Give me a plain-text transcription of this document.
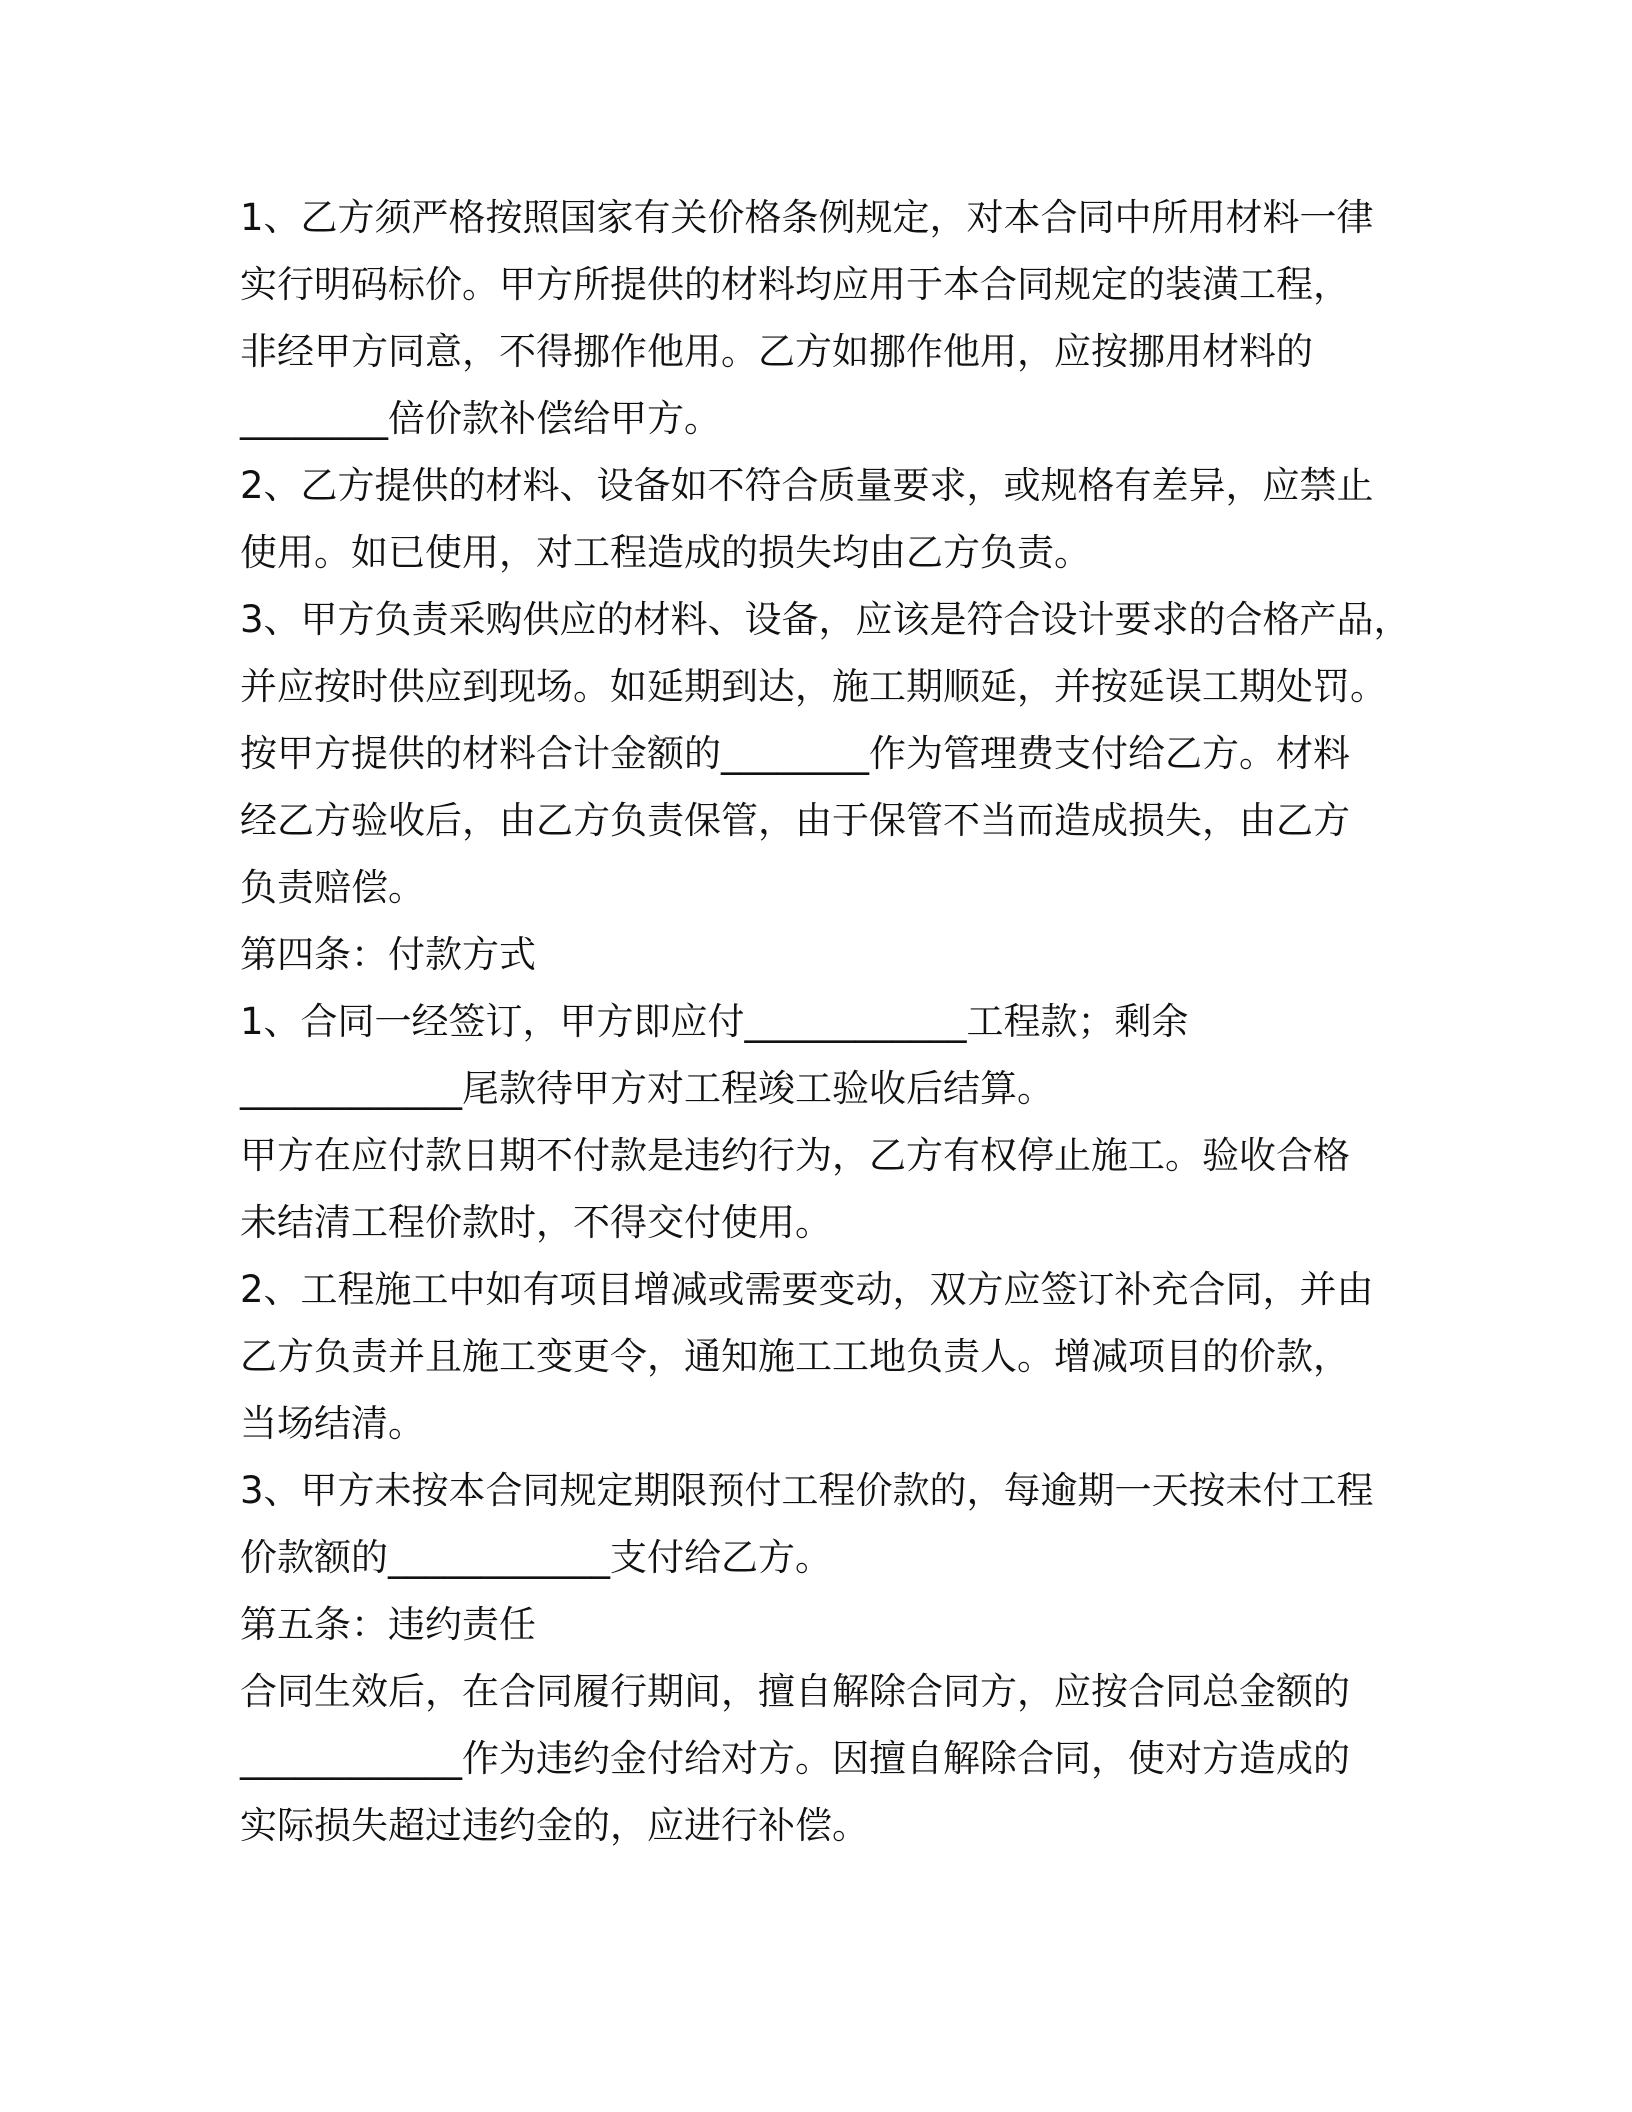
1、乙方须严格按照国家有关价格条例规定，对本合同中所用材料一律
实行明码标价。甲方所提供的材料均应用于本合同规定的装潢工程，
非经甲方同意，不得挪作他用。乙方如挪作他用，应按挪用材料的
________倍价款补偿给甲方。
2、乙方提供的材料、设备如不符合质量要求，或规格有差异，应禁止
使用。如已使用，对工程造成的损失均由乙方负责。
3、甲方负责采购供应的材料、设备，应该是符合设计要求的合格产品，
并应按时供应到现场。如延期到达，施工期顺延，并按延误工期处罚。
按甲方提供的材料合计金额的________作为管理费支付给乙方。材料
经乙方验收后，由乙方负责保管，由于保管不当而造成损失，由乙方
负责赔偿。
第四条：付款方式
1、合同一经签订，甲方即应付____________工程款；剩余
____________尾款待甲方对工程竣工验收后结算。
甲方在应付款日期不付款是违约行为，乙方有权停止施工。验收合格
未结清工程价款时，不得交付使用。
2、工程施工中如有项目增减或需要变动，双方应签订补充合同，并由
乙方负责并且施工变更令，通知施工工地负责人。增减项目的价款，
当场结清。
3、甲方未按本合同规定期限预付工程价款的，每逾期一天按未付工程
价款额的____________支付给乙方。
第五条：违约责任
合同生效后，在合同履行期间，擅自解除合同方，应按合同总金额的
____________作为违约金付给对方。因擅自解除合同，使对方造成的
实际损失超过违约金的，应进行补偿。
